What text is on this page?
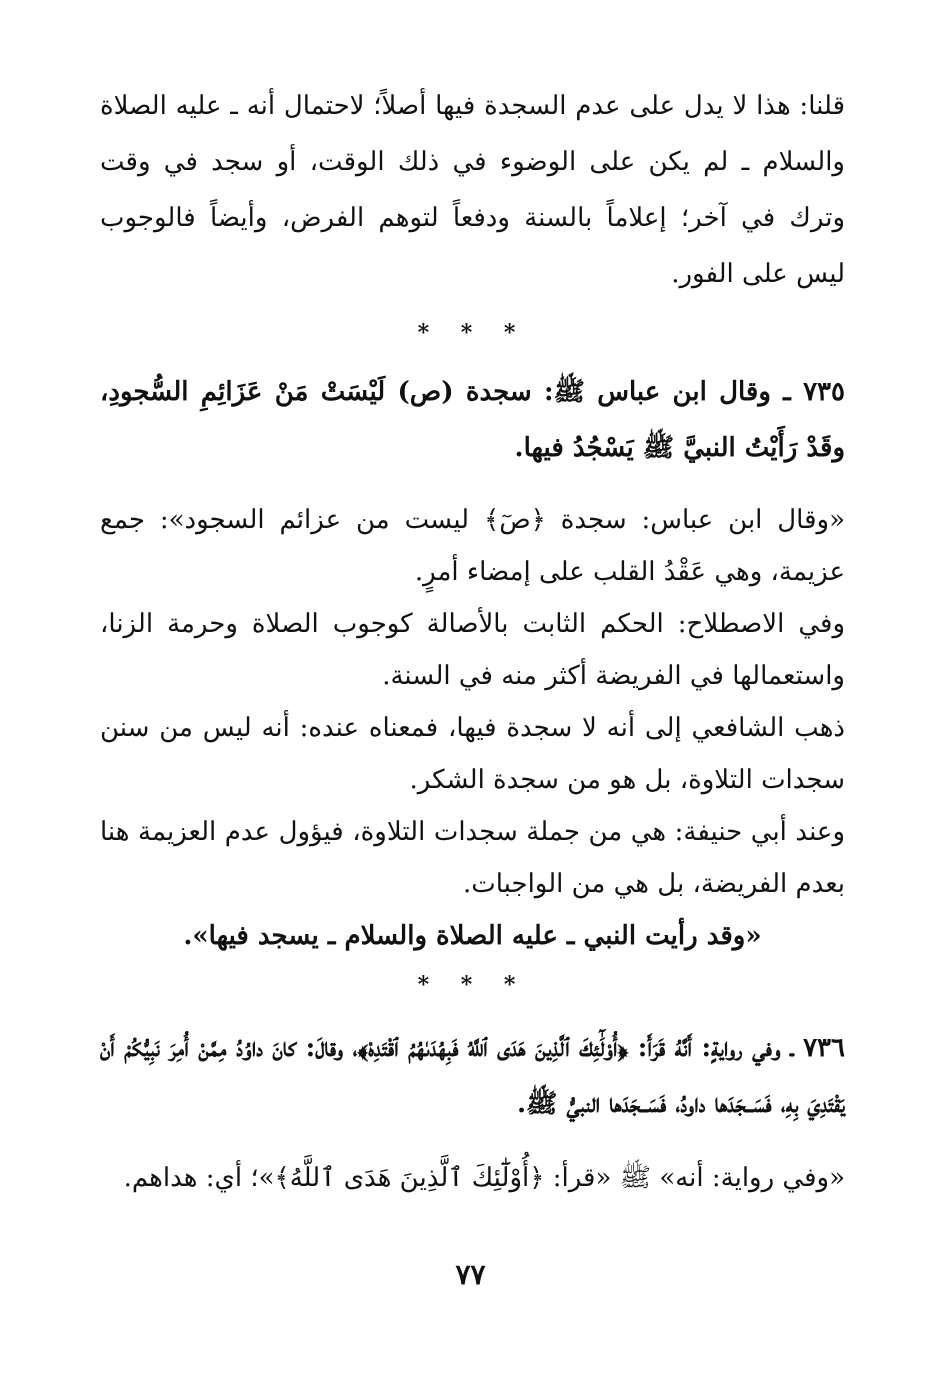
قلنا: هذا لا يدل على عدم السجدة فيها أصلاً؛ لاحتمال أنه ـ عليه الصلاة والسلام ـ لم يكن على الوضوء في ذلك الوقت، أو سجد في وقت وترك في آخر؛ إعلاماً بالسنة ودفعاً لتوهم الفرض، وأيضاً فالوجوب ليس على الفور.

* * *

٧٣٥ ـ وقال ابن عباس ﷺ: سجدة (ص) لَيْسَتْ مَنْ عَزَائِمِ السُّجودِ، وقَدْ رَأَيْتُ النبيَّ ﷺ يَسْجُدُ فيها.

«وقال ابن عباس: سجدة ﴿صٓ﴾ ليست من عزائم السجود»: جمع عزيمة، وهي عَقْدُ القلب على إمضاء أمرٍ.

وفي الاصطلاح: الحكم الثابت بالأصالة كوجوب الصلاة وحرمة الزنا، واستعمالها في الفريضة أكثر منه في السنة.

ذهب الشافعي إلى أنه لا سجدة فيها، فمعناه عنده: أنه ليس من سنن سجدات التلاوة، بل هو من سجدة الشكر.

وعند أبي حنيفة: هي من جملة سجدات التلاوة، فيؤول عدم العزيمة هنا بعدم الفريضة، بل هي من الواجبات.

«وقد رأيت النبي ـ عليه الصلاة والسلام ـ يسجد فيها».

* * *

٧٣٦ ـ وفي روايةٍ: أَنَّهُ قَرَأَ: ﴿أُوْلَٰٓئِكَ ٱلَّذِينَ هَدَى ٱللَّهُ فَبِهُدَىٰهُمُ ٱقْتَدِهْ﴾، وقالَ: كانَ داوُدُ مِمَّنْ أُمِرَ نَبِيُّكُمْ أَنْ يَقْتَدِيَ بِهِ، فَسَــجَدَها داودُ، فَسَــجَدَها النبيُّ ﷺ.

«وفي رواية: أنه» ﷺ «قرأ: ﴿أُوْلَٰٓئِكَ ٱلَّذِينَ هَدَى ٱللَّهُ﴾»؛ أي: هداهم.

٧٧
